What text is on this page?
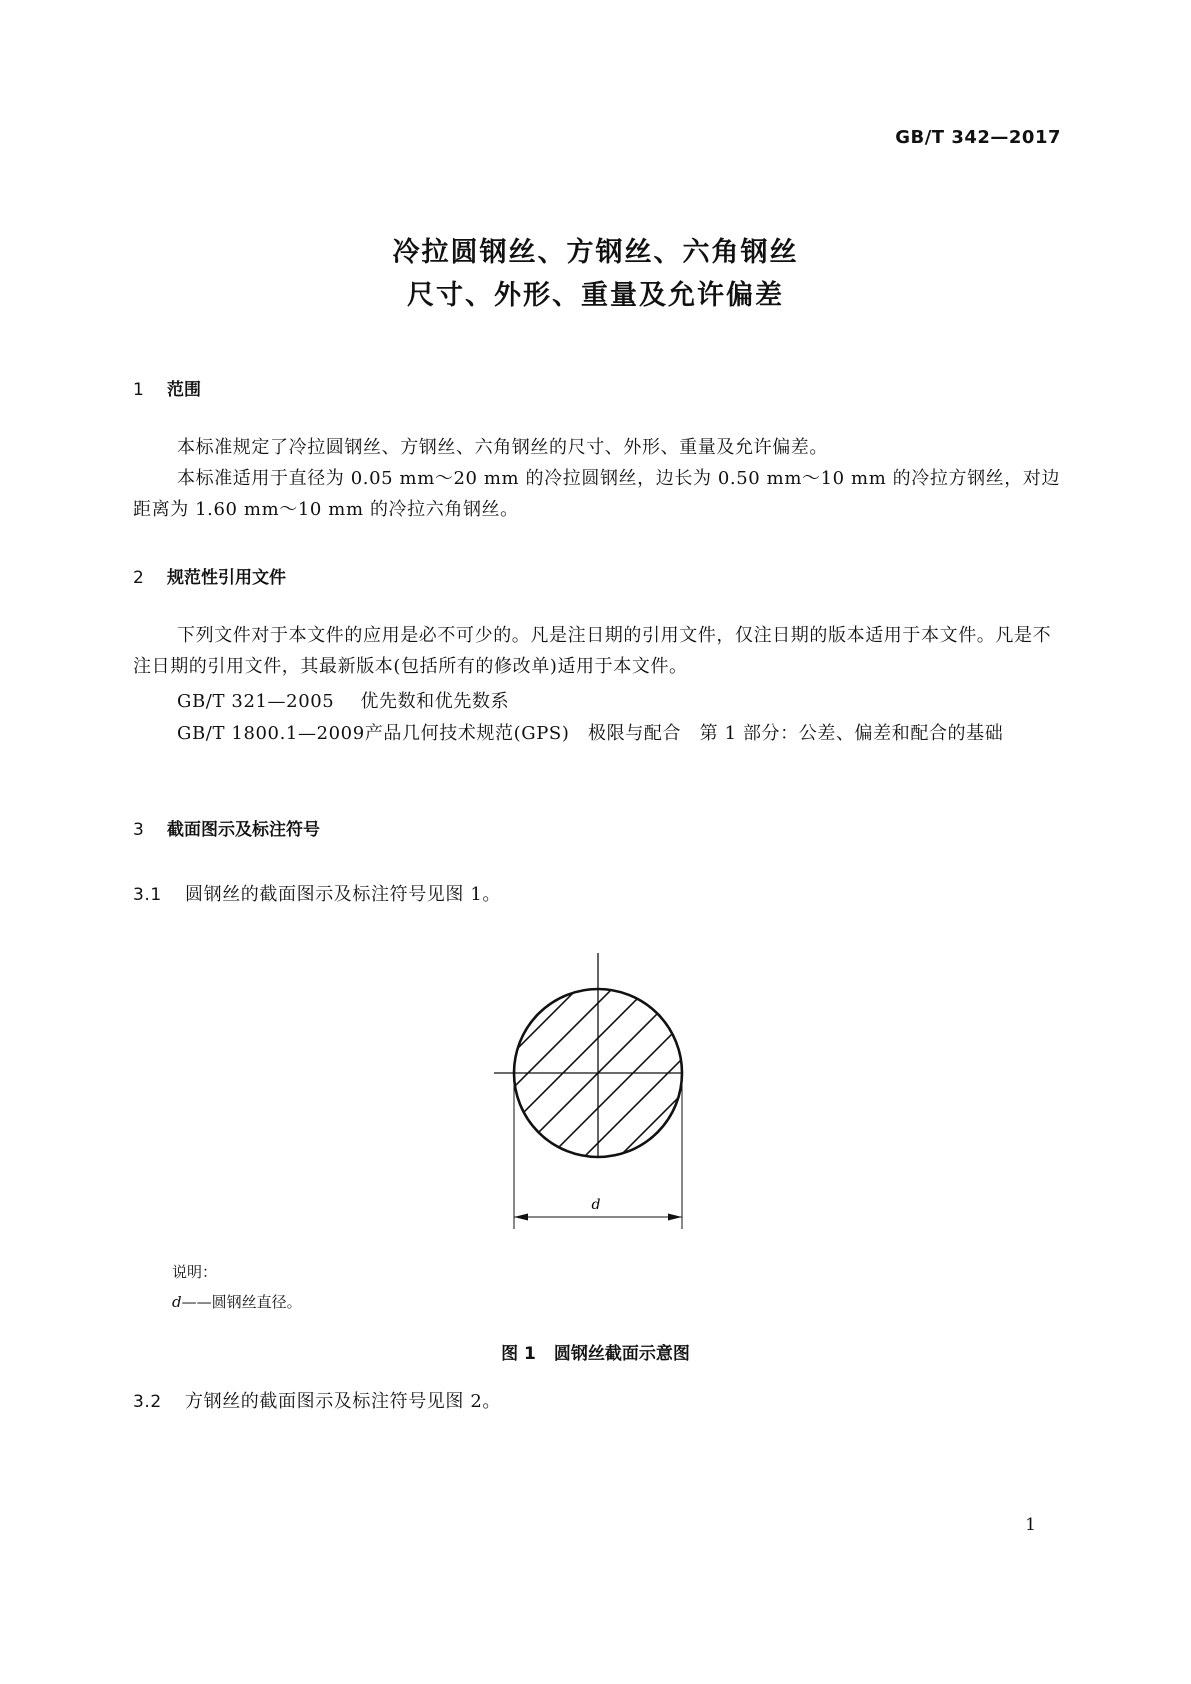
GB/T 342—2017
冷拉圆钢丝、方钢丝、六角钢丝
尺寸、外形、重量及允许偏差
1 范围
本标准规定了冷拉圆钢丝、方钢丝、六角钢丝的尺寸、外形、重量及允许偏差。
本标准适用于直径为 0.05 mm～20 mm 的冷拉圆钢丝，边长为 0.50 mm～10 mm 的冷拉方钢丝，对边距离为 1.60 mm～10 mm 的冷拉六角钢丝。
2 规范性引用文件
下列文件对于本文件的应用是必不可少的。凡是注日期的引用文件，仅注日期的版本适用于本文件。凡是不注日期的引用文件，其最新版本(包括所有的修改单)适用于本文件。
GB/T 321—2005 优先数和优先数系
GB/T 1800.1—2009产品几何技术规范(GPS)　极限与配合　第 1 部分：公差、偏差和配合的基础
3 截面图示及标注符号
3.1 圆钢丝的截面图示及标注符号见图 1。
d
说明：
d——圆钢丝直径。
图 1 圆钢丝截面示意图
3.2 方钢丝的截面图示及标注符号见图 2。
1
